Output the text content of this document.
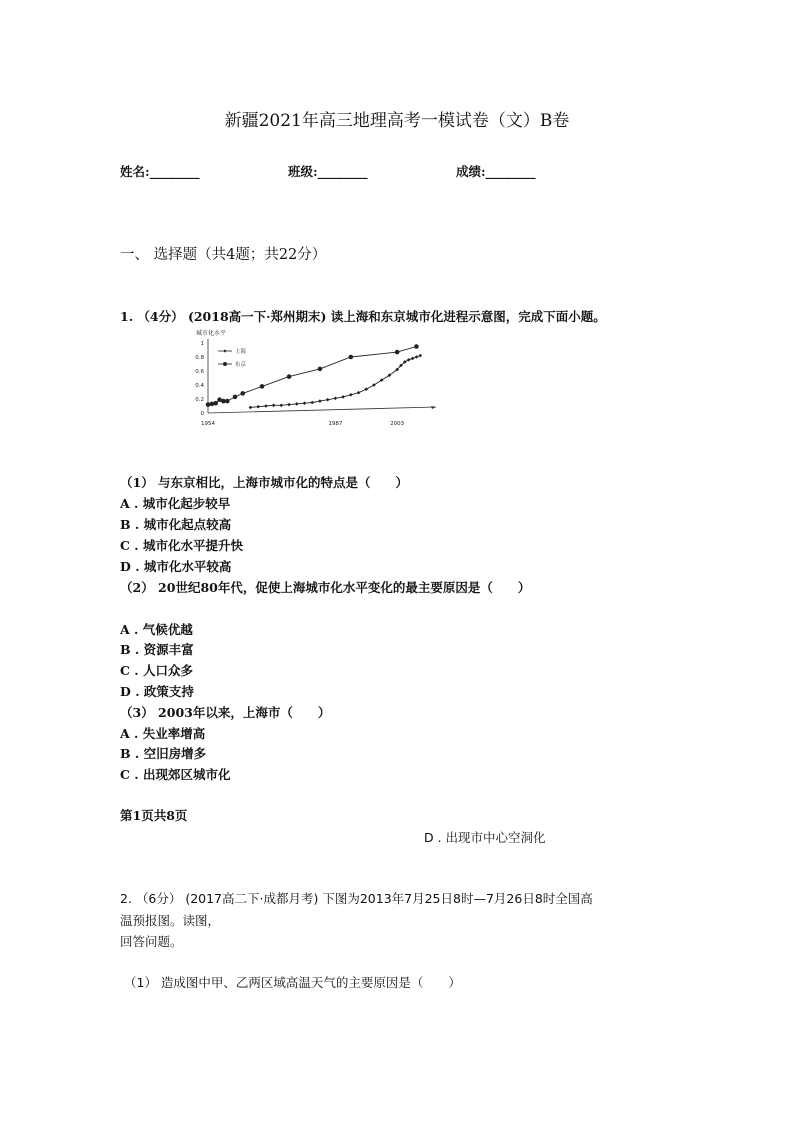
新疆2021年高三地理高考一模试卷（文）B卷
姓名:________	班级:________	成绩:________
一、 选择题（共4题；共22分）
1. （4分） (2018高一下·郑州期末) 读上海和东京城市化进程示意图，完成下面小题。
城市化水平
0
0.2
0.4
0.6
0.8
1
1954	1987	2003
上海
东京
（1） 与东京相比，上海市城市化的特点是（　　）
A . 城市化起步较早
B . 城市化起点较高
C . 城市化水平提升快
D . 城市化水平较高
（2） 20世纪80年代，促使上海城市化水平变化的最主要原因是（　　）
A . 气候优越
B . 资源丰富
C . 人口众多
D . 政策支持
（3） 2003年以来，上海市（　　）
A . 失业率增高
B . 空旧房增多
C . 出现郊区城市化
第1页共8页
D . 出现市中心空洞化
2. （6分） (2017高二下·成都月考) 下图为2013年7月25日8时—7月26日8时全国高
温预报图。读图，
回答问题。
（1） 造成图中甲、乙两区域高温天气的主要原因是（　　）
